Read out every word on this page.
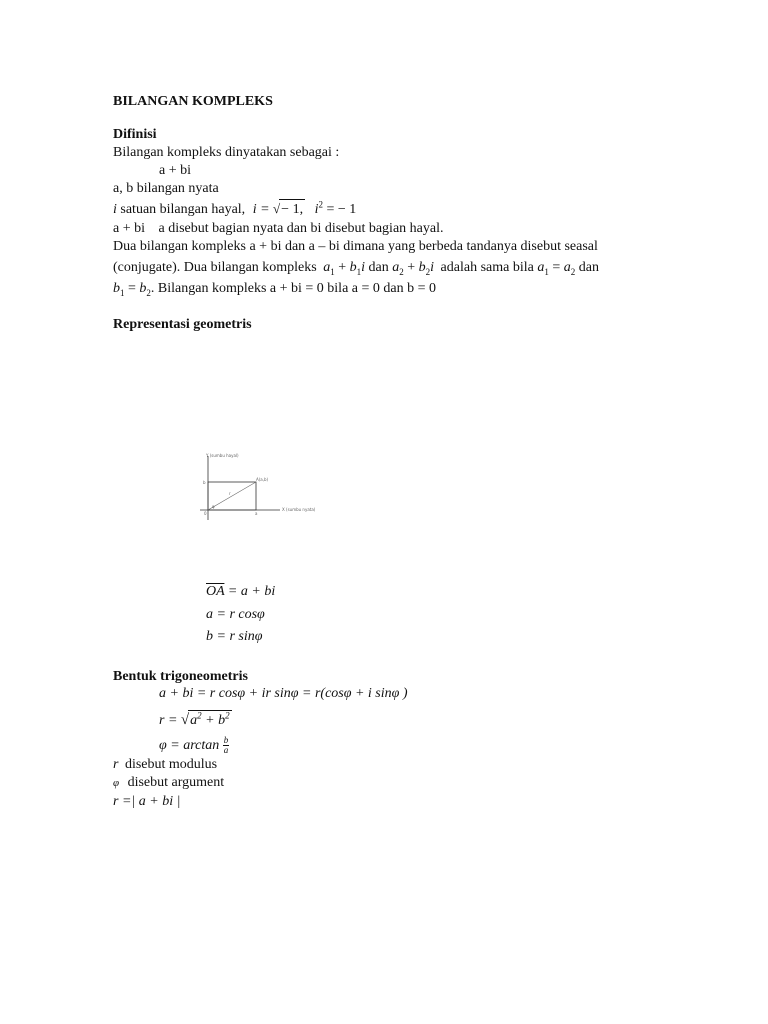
BILANGAN KOMPLEKS
Difinisi
Bilangan kompleks dinyatakan sebagai :
a + bi
a, b bilangan nyata
i satuan bilangan hayal, i = √− 1, $i^2$ = − 1
a + bi a disebut bagian nyata dan bi disebut bagian hayal.
Dua bilangan kompleks a + bi dan a – bi dimana yang berbeda tandanya disebut seasal
(conjugate). Dua bilangan kompleks $a_1 + b_1i$ dan $a_2 + b_2i$ adalah sama bila $a_1 = a_2$ dan
$b_1 = b_2$. Bilangan kompleks a + bi = 0 bila a = 0 dan b = 0
Representasi geometris
Y (sumbu hayal)
X (sumbu nyata)
A(a,b)
b
a
r
φ
0
$\overline{OA} = a$ + bi
a = r cosφ
b = r sinφ
Bentuk trigoneometris
a + bi = r cosφ + ir sinφ = r(cosφ + i sinφ )
$r = √a^2 + b^2$
$\varphi = \arctan \frac{b}{a}$
r disebut modulus
φ disebut argument
r =| a + bi |
